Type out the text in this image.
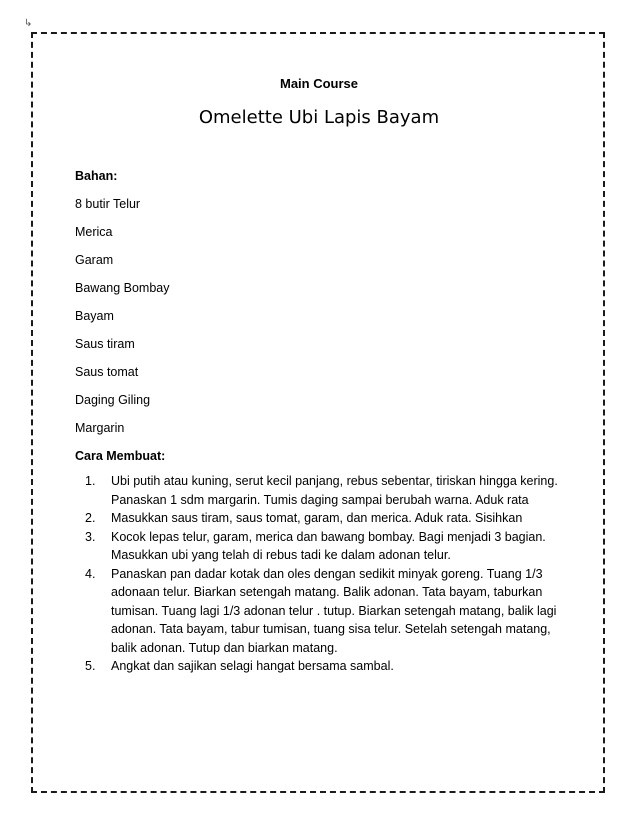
↳
Main Course
Omelette Ubi Lapis Bayam
Bahan:
8 butir Telur
Merica
Garam
Bawang Bombay
Bayam
Saus tiram
Saus tomat
Daging Giling
Margarin
Cara Membuat:
1. Ubi putih atau kuning, serut kecil panjang, rebus sebentar, tiriskan hingga kering. Panaskan 1 sdm margarin. Tumis daging sampai berubah warna. Aduk rata
2. Masukkan saus tiram, saus tomat, garam, dan merica. Aduk rata. Sisihkan
3. Kocok lepas telur, garam, merica dan bawang bombay. Bagi menjadi 3 bagian. Masukkan ubi yang telah di rebus tadi ke dalam adonan telur.
4. Panaskan pan dadar kotak dan oles dengan sedikit minyak goreng. Tuang 1/3 adonaan telur. Biarkan setengah matang. Balik adonan. Tata bayam, taburkan tumisan. Tuang lagi 1/3 adonan telur . tutup. Biarkan setengah matang, balik lagi adonan. Tata bayam, tabur tumisan, tuang sisa telur. Setelah setengah matang, balik adonan. Tutup dan biarkan matang.
5. Angkat dan sajikan selagi hangat bersama sambal.
